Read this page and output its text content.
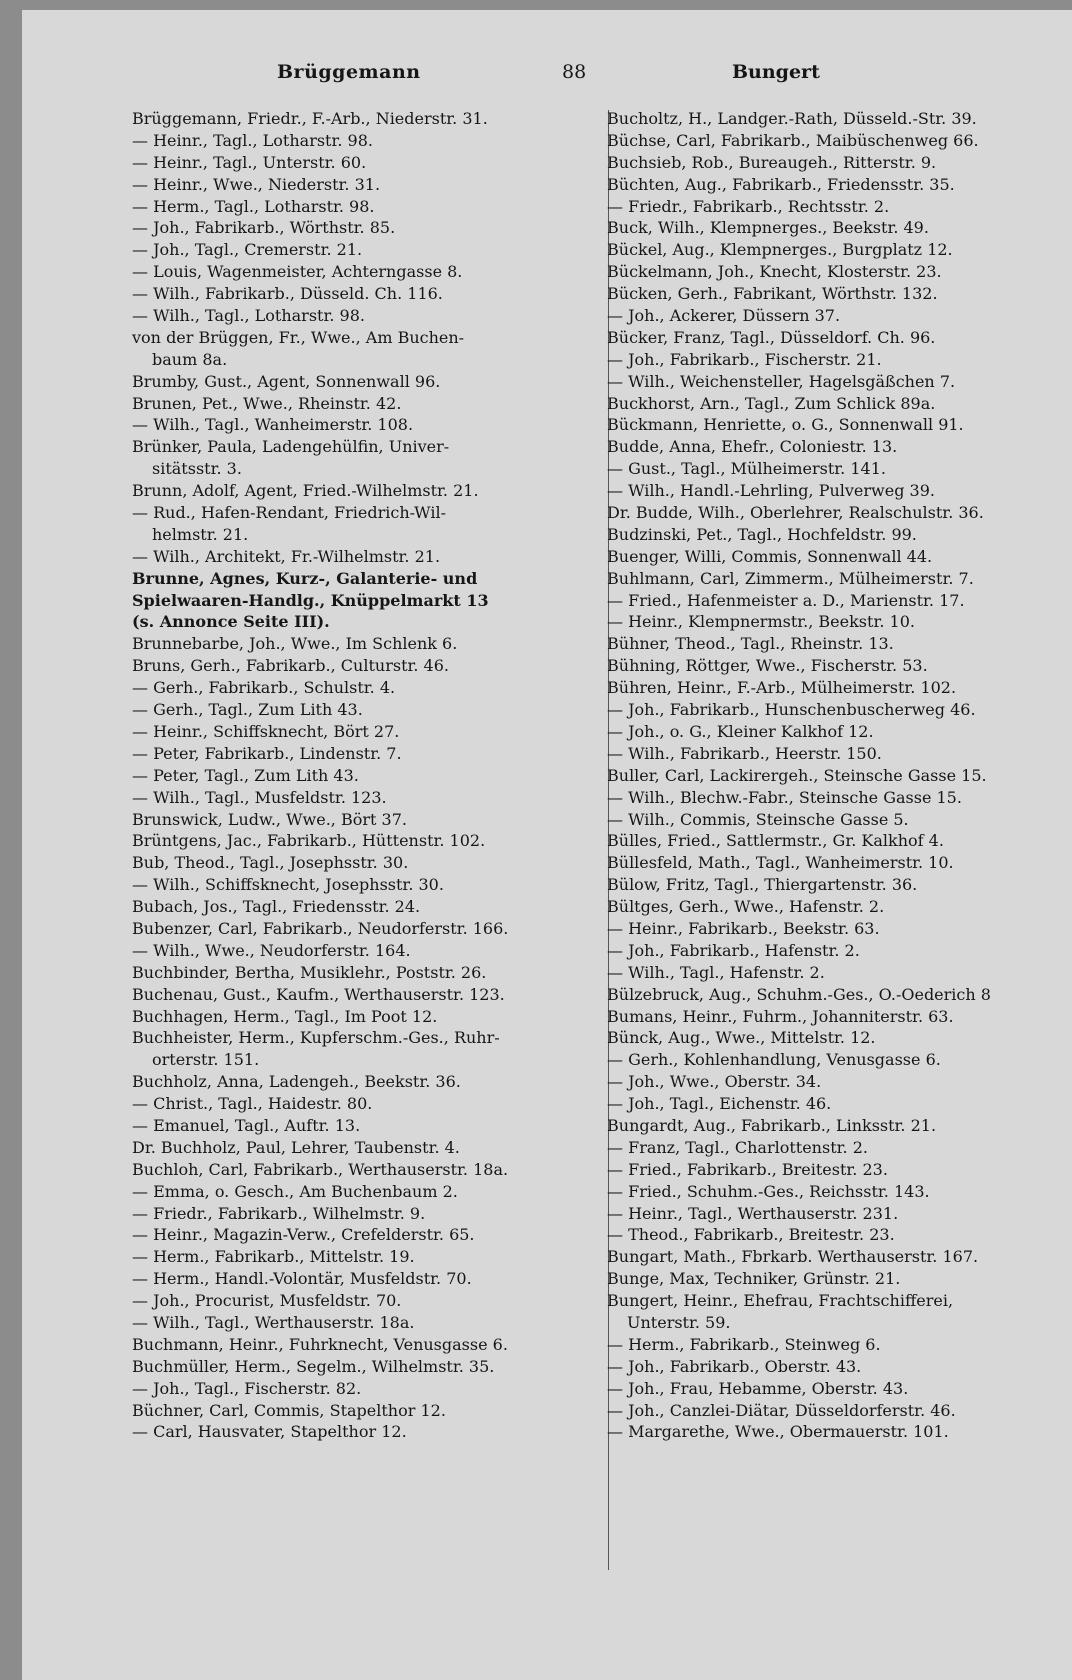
Brüggemann	88	Bungert
Brüggemann, Friedr., F.-Arb., Niederstr. 31.
— Heinr., Tagl., Lotharstr. 98.
— Heinr., Tagl., Unterstr. 60.
— Heinr., Wwe., Niederstr. 31.
— Herm., Tagl., Lotharstr. 98.
— Joh., Fabrikarb., Wörthstr. 85.
— Joh., Tagl., Cremerstr. 21.
— Louis, Wagenmeister, Achterngasse 8.
— Wilh., Fabrikarb., Düsseld. Ch. 116.
— Wilh., Tagl., Lotharstr. 98.
von der Brüggen, Fr., Wwe., Am Buchen-
baum 8a.
Brumby, Gust., Agent, Sonnenwall 96.
Brunen, Pet., Wwe., Rheinstr. 42.
— Wilh., Tagl., Wanheimerstr. 108.
Brünker, Paula, Ladengehülfin, Univer-
sitätsstr. 3.
Brunn, Adolf, Agent, Fried.-Wilhelmstr. 21.
— Rud., Hafen-Rendant, Friedrich-Wil-
helmstr. 21.
— Wilh., Architekt, Fr.-Wilhelmstr. 21.
Brunne, Agnes, Kurz-, Galanterie- und
Spielwaaren-Handlg., Knüppelmarkt 13
(s. Annonce Seite III).
Brunnebarbe, Joh., Wwe., Im Schlenk 6.
Bruns, Gerh., Fabrikarb., Culturstr. 46.
— Gerh., Fabrikarb., Schulstr. 4.
— Gerh., Tagl., Zum Lith 43.
— Heinr., Schiffsknecht, Bört 27.
— Peter, Fabrikarb., Lindenstr. 7.
— Peter, Tagl., Zum Lith 43.
— Wilh., Tagl., Musfeldstr. 123.
Brunswick, Ludw., Wwe., Bört 37.
Brüntgens, Jac., Fabrikarb., Hüttenstr. 102.
Bub, Theod., Tagl., Josephsstr. 30.
— Wilh., Schiffsknecht, Josephsstr. 30.
Bubach, Jos., Tagl., Friedensstr. 24.
Bubenzer, Carl, Fabrikarb., Neudorferstr. 166.
— Wilh., Wwe., Neudorferstr. 164.
Buchbinder, Bertha, Musiklehr., Poststr. 26.
Buchenau, Gust., Kaufm., Werthauserstr. 123.
Buchhagen, Herm., Tagl., Im Poot 12.
Buchheister, Herm., Kupferschm.-Ges., Ruhr-
orterstr. 151.
Buchholz, Anna, Ladengeh., Beekstr. 36.
— Christ., Tagl., Haidestr. 80.
— Emanuel, Tagl., Auftr. 13.
Dr. Buchholz, Paul, Lehrer, Taubenstr. 4.
Buchloh, Carl, Fabrikarb., Werthauserstr. 18a.
— Emma, o. Gesch., Am Buchenbaum 2.
— Friedr., Fabrikarb., Wilhelmstr. 9.
— Heinr., Magazin-Verw., Crefelderstr. 65.
— Herm., Fabrikarb., Mittelstr. 19.
— Herm., Handl.-Volontär, Musfeldstr. 70.
— Joh., Procurist, Musfeldstr. 70.
— Wilh., Tagl., Werthauserstr. 18a.
Buchmann, Heinr., Fuhrknecht, Venusgasse 6.
Buchmüller, Herm., Segelm., Wilhelmstr. 35.
— Joh., Tagl., Fischerstr. 82.
Büchner, Carl, Commis, Stapelthor 12.
— Carl, Hausvater, Stapelthor 12.
Bucholtz, H., Landger.-Rath, Düsseld.-Str. 39.
Büchse, Carl, Fabrikarb., Maibüschenweg 66.
Buchsieb, Rob., Bureaugeh., Ritterstr. 9.
Büchten, Aug., Fabrikarb., Friedensstr. 35.
— Friedr., Fabrikarb., Rechtsstr. 2.
Buck, Wilh., Klempnerges., Beekstr. 49.
Bückel, Aug., Klempnerges., Burgplatz 12.
Bückelmann, Joh., Knecht, Klosterstr. 23.
Bücken, Gerh., Fabrikant, Wörthstr. 132.
— Joh., Ackerer, Düssern 37.
Bücker, Franz, Tagl., Düsseldorf. Ch. 96.
— Joh., Fabrikarb., Fischerstr. 21.
— Wilh., Weichensteller, Hagelsgäßchen 7.
Buckhorst, Arn., Tagl., Zum Schlick 89a.
Bückmann, Henriette, o. G., Sonnenwall 91.
Budde, Anna, Ehefr., Coloniestr. 13.
— Gust., Tagl., Mülheimerstr. 141.
— Wilh., Handl.-Lehrling, Pulverweg 39.
Dr. Budde, Wilh., Oberlehrer, Realschulstr. 36.
Budzinski, Pet., Tagl., Hochfeldstr. 99.
Buenger, Willi, Commis, Sonnenwall 44.
Buhlmann, Carl, Zimmerm., Mülheimerstr. 7.
— Fried., Hafenmeister a. D., Marienstr. 17.
— Heinr., Klempnermstr., Beekstr. 10.
Bühner, Theod., Tagl., Rheinstr. 13.
Bühning, Röttger, Wwe., Fischerstr. 53.
Bühren, Heinr., F.-Arb., Mülheimerstr. 102.
— Joh., Fabrikarb., Hunschenbuscherweg 46.
— Joh., o. G., Kleiner Kalkhof 12.
— Wilh., Fabrikarb., Heerstr. 150.
Buller, Carl, Lackirergeh., Steinsche Gasse 15.
— Wilh., Blechw.-Fabr., Steinsche Gasse 15.
— Wilh., Commis, Steinsche Gasse 5.
Bülles, Fried., Sattlermstr., Gr. Kalkhof 4.
Büllesfeld, Math., Tagl., Wanheimerstr. 10.
Bülow, Fritz, Tagl., Thiergartenstr. 36.
Bültges, Gerh., Wwe., Hafenstr. 2.
— Heinr., Fabrikarb., Beekstr. 63.
— Joh., Fabrikarb., Hafenstr. 2.
— Wilh., Tagl., Hafenstr. 2.
Bülzebruck, Aug., Schuhm.-Ges., O.-Oederich 8
Bumans, Heinr., Fuhrm., Johanniterstr. 63.
Bünck, Aug., Wwe., Mittelstr. 12.
— Gerh., Kohlenhandlung, Venusgasse 6.
— Joh., Wwe., Oberstr. 34.
— Joh., Tagl., Eichenstr. 46.
Bungardt, Aug., Fabrikarb., Linksstr. 21.
— Franz, Tagl., Charlottenstr. 2.
— Fried., Fabrikarb., Breitestr. 23.
— Fried., Schuhm.-Ges., Reichsstr. 143.
— Heinr., Tagl., Werthauserstr. 231.
— Theod., Fabrikarb., Breitestr. 23.
Bungart, Math., Fbrkarb. Werthauserstr. 167.
Bunge, Max, Techniker, Grünstr. 21.
Bungert, Heinr., Ehefrau, Frachtschifferei,
Unterstr. 59.
— Herm., Fabrikarb., Steinweg 6.
— Joh., Fabrikarb., Oberstr. 43.
— Joh., Frau, Hebamme, Oberstr. 43.
— Joh., Canzlei-Diätar, Düsseldorferstr. 46.
— Margarethe, Wwe., Obermauerstr. 101.
